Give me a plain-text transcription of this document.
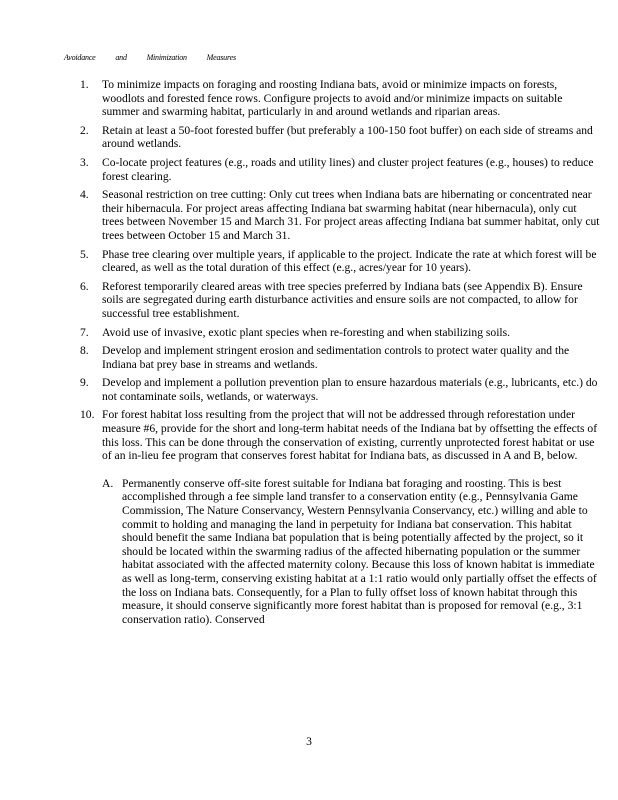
Avoidance and Minimization Measures
1. To minimize impacts on foraging and roosting Indiana bats, avoid or minimize impacts on forests, woodlots and forested fence rows. Configure projects to avoid and/or minimize impacts on suitable summer and swarming habitat, particularly in and around wetlands and riparian areas.
2. Retain at least a 50-foot forested buffer (but preferably a 100-150 foot buffer) on each side of streams and around wetlands.
3. Co-locate project features (e.g., roads and utility lines) and cluster project features (e.g., houses) to reduce forest clearing.
4. Seasonal restriction on tree cutting: Only cut trees when Indiana bats are hibernating or concentrated near their hibernacula. For project areas affecting Indiana bat swarming habitat (near hibernacula), only cut trees between November 15 and March 31. For project areas affecting Indiana bat summer habitat, only cut trees between October 15 and March 31.
5. Phase tree clearing over multiple years, if applicable to the project. Indicate the rate at which forest will be cleared, as well as the total duration of this effect (e.g., acres/year for 10 years).
6. Reforest temporarily cleared areas with tree species preferred by Indiana bats (see Appendix B). Ensure soils are segregated during earth disturbance activities and ensure soils are not compacted, to allow for successful tree establishment.
7. Avoid use of invasive, exotic plant species when re-foresting and when stabilizing soils.
8. Develop and implement stringent erosion and sedimentation controls to protect water quality and the Indiana bat prey base in streams and wetlands.
9. Develop and implement a pollution prevention plan to ensure hazardous materials (e.g., lubricants, etc.) do not contaminate soils, wetlands, or waterways.
10. For forest habitat loss resulting from the project that will not be addressed through reforestation under measure #6, provide for the short and long-term habitat needs of the Indiana bat by offsetting the effects of this loss. This can be done through the conservation of existing, currently unprotected forest habitat or use of an in-lieu fee program that conserves forest habitat for Indiana bats, as discussed in A and B, below.
A. Permanently conserve off-site forest suitable for Indiana bat foraging and roosting. This is best accomplished through a fee simple land transfer to a conservation entity (e.g., Pennsylvania Game Commission, The Nature Conservancy, Western Pennsylvania Conservancy, etc.) willing and able to commit to holding and managing the land in perpetuity for Indiana bat conservation. This habitat should benefit the same Indiana bat population that is being potentially affected by the project, so it should be located within the swarming radius of the affected hibernating population or the summer habitat associated with the affected maternity colony. Because this loss of known habitat is immediate as well as long-term, conserving existing habitat at a 1:1 ratio would only partially offset the effects of the loss on Indiana bats. Consequently, for a Plan to fully offset loss of known habitat through this measure, it should conserve significantly more forest habitat than is proposed for removal (e.g., 3:1 conservation ratio). Conserved
3
